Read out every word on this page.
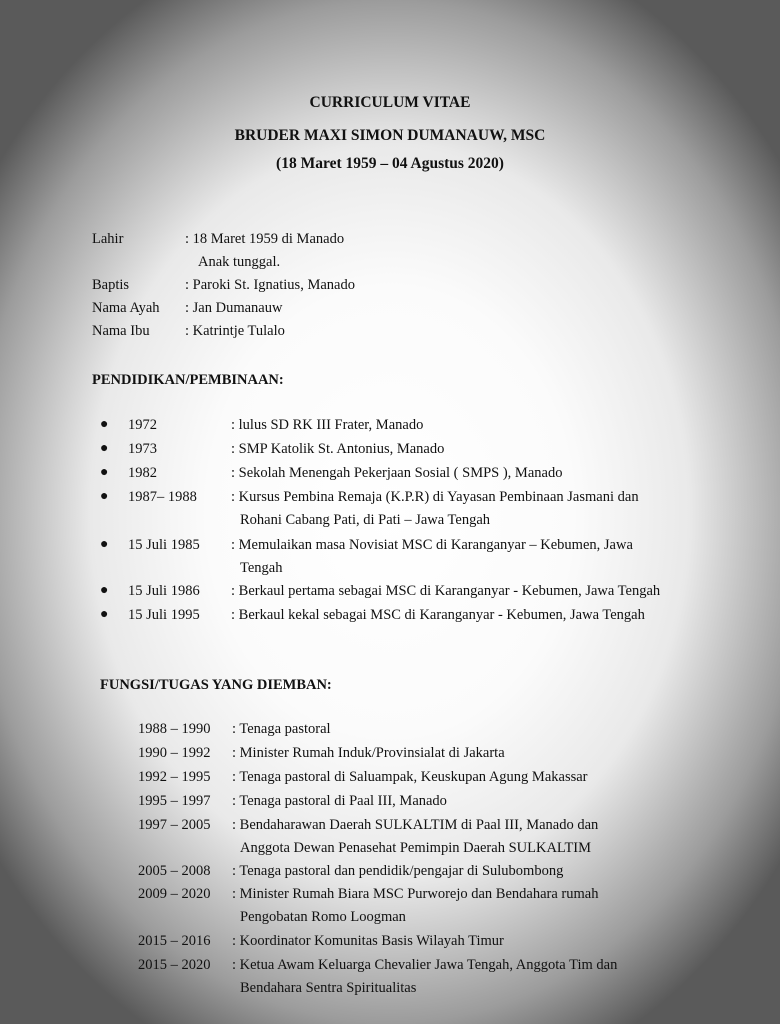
CURRICULUM VITAE
BRUDER MAXI SIMON DUMANAUW, MSC
(18 Maret 1959 – 04 Agustus 2020)
Lahir	: 18 Maret 1959 di Manado
Anak tunggal.
Baptis	: Paroki St. Ignatius, Manado
Nama Ayah : Jan Dumanauw
Nama Ibu : Katrintje Tulalo
PENDIDIKAN/PEMBINAAN:
● 1972	: lulus SD RK III Frater, Manado
● 1973	: SMP Katolik St. Antonius, Manado
● 1982	: Sekolah Menengah Pekerjaan Sosial ( SMPS ), Manado
● 1987– 1988 : Kursus Pembina Remaja (K.P.R) di Yayasan Pembinaan Jasmani dan
Rohani Cabang Pati, di Pati – Jawa Tengah
● 15 Juli 1985 : Memulaikan masa Novisiat MSC di Karanganyar – Kebumen, Jawa
Tengah
● 15 Juli 1986 : Berkaul pertama sebagai MSC di Karanganyar - Kebumen, Jawa Tengah
● 15 Juli 1995 : Berkaul kekal sebagai MSC di Karanganyar - Kebumen, Jawa Tengah
FUNGSI/TUGAS YANG DIEMBAN:
1988 – 1990 : Tenaga pastoral
1990 – 1992 : Minister Rumah Induk/Provinsialat di Jakarta
1992 – 1995 : Tenaga pastoral di Saluampak, Keuskupan Agung Makassar
1995 – 1997 : Tenaga pastoral di Paal III, Manado
1997 – 2005 : Bendaharawan Daerah SULKALTIM di Paal III, Manado dan
Anggota Dewan Penasehat Pemimpin Daerah SULKALTIM
2005 – 2008 : Tenaga pastoral dan pendidik/pengajar di Sulubombong
2009 – 2020 : Minister Rumah Biara MSC Purworejo dan Bendahara rumah
Pengobatan Romo Loogman
2015 – 2016 : Koordinator Komunitas Basis Wilayah Timur
2015 – 2020 : Ketua Awam Keluarga Chevalier Jawa Tengah, Anggota Tim dan
Bendahara Sentra Spiritualitas
